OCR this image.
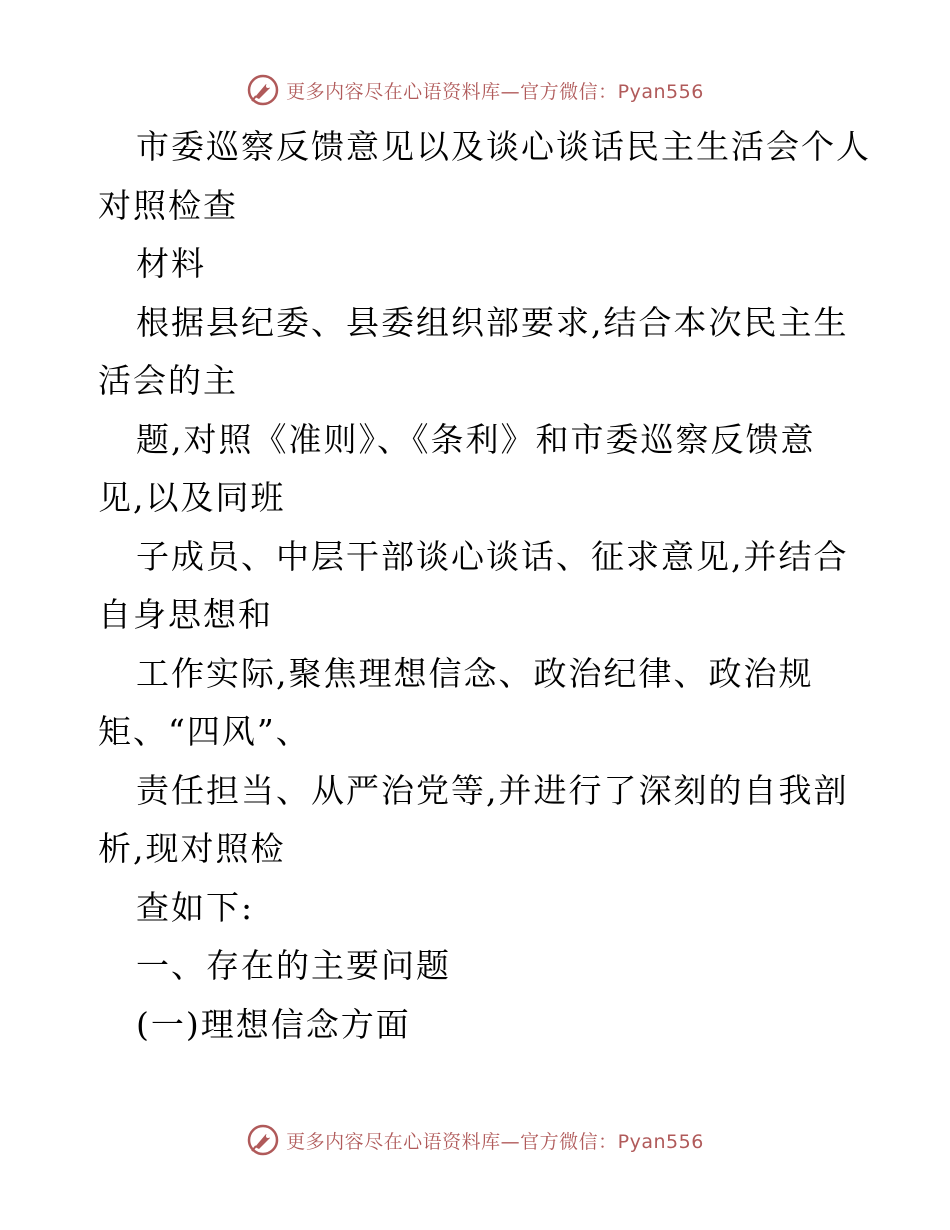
更多内容尽在心语资料库—官方微信：Pyan556
市委巡察反馈意见以及谈心谈话民主生活会个人
对照检查
材料
根据县纪委、县委组织部要求,结合本次民主生
活会的主
题,对照《准则》、《条利》和市委巡察反馈意
见,以及同班
子成员、中层干部谈心谈话、征求意见,并结合
自身思想和
工作实际,聚焦理想信念、政治纪律、政治规
矩、“四风”、
责任担当、从严治党等,并进行了深刻的自我剖
析,现对照检
查如下:
一、存在的主要问题
(一)理想信念方面
更多内容尽在心语资料库—官方微信：Pyan556
